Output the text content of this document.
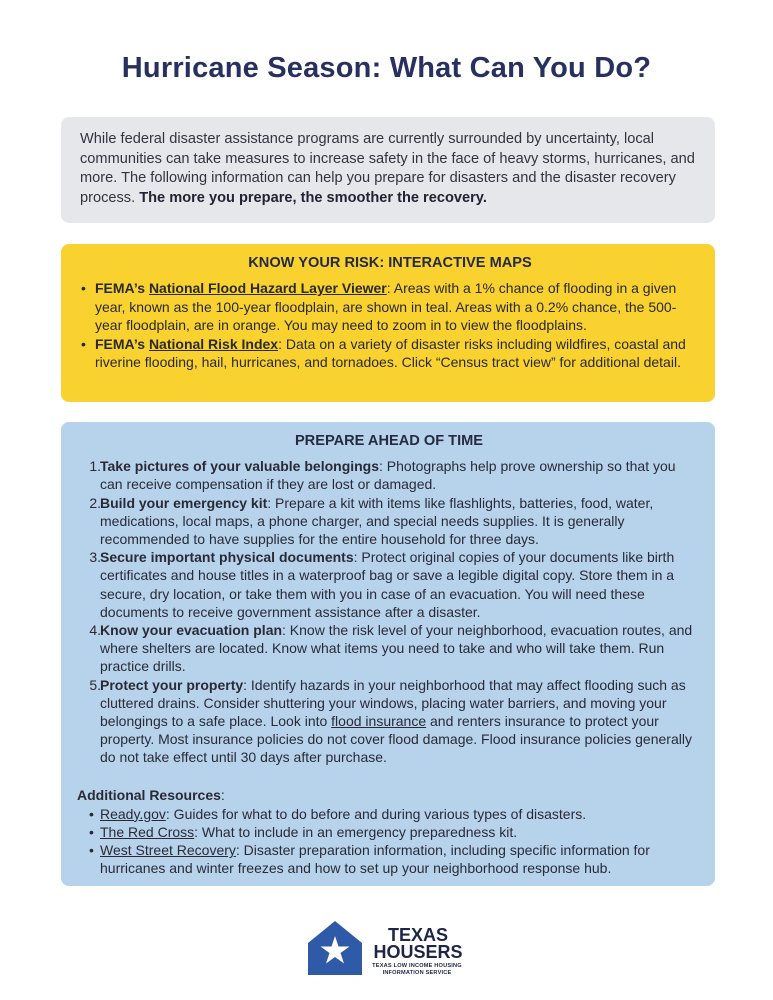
Hurricane Season: What Can You Do?
While federal disaster assistance programs are currently surrounded by uncertainty, local communities can take measures to increase safety in the face of heavy storms, hurricanes, and more. The following information can help you prepare for disasters and the disaster recovery process. The more you prepare, the smoother the recovery.
KNOW YOUR RISK: INTERACTIVE MAPS
• FEMA’s National Flood Hazard Layer Viewer: Areas with a 1% chance of flooding in a given year, known as the 100-year floodplain, are shown in teal. Areas with a 0.2% chance, the 500-year floodplain, are in orange. You may need to zoom in to view the floodplains.
• FEMA’s National Risk Index: Data on a variety of disaster risks including wildfires, coastal and riverine flooding, hail, hurricanes, and tornadoes. Click “Census tract view” for additional detail.
PREPARE AHEAD OF TIME
1 . Take pictures of your valuable belongings: Photographs help prove ownership so that you can receive compensation if they are lost or damaged.
2 . Build your emergency kit: Prepare a kit with items like flashlights, batteries, food, water, medications, local maps, a phone charger, and special needs supplies. It is generally recommended to have supplies for the entire household for three days.
3 . Secure important physical documents: Protect original copies of your documents like birth certificates and house titles in a waterproof bag or save a legible digital copy. Store them in a secure, dry location, or take them with you in case of an evacuation. You will need these documents to receive government assistance after a disaster.
4 . Know your evacuation plan: Know the risk level of your neighborhood, evacuation routes, and where shelters are located. Know what items you need to take and who will take them. Run practice drills.
5 . Protect your property: Identify hazards in your neighborhood that may affect flooding such as cluttered drains. Consider shuttering your windows, placing water barriers, and moving your belongings to a safe place. Look into flood insurance and renters insurance to protect your property. Most insurance policies do not cover flood damage. Flood insurance policies generally do not take effect until 30 days after purchase.
Additional Resources:
• Ready.gov: Guides for what to do before and during various types of disasters.
• The Red Cross: What to include in an emergency preparedness kit.
• West Street Recovery: Disaster preparation information, including specific information for hurricanes and winter freezes and how to set up your neighborhood response hub.
TEXAS
HOUSERS
TEXAS LOW INCOME HOUSING
INFORMATION SERVICE
